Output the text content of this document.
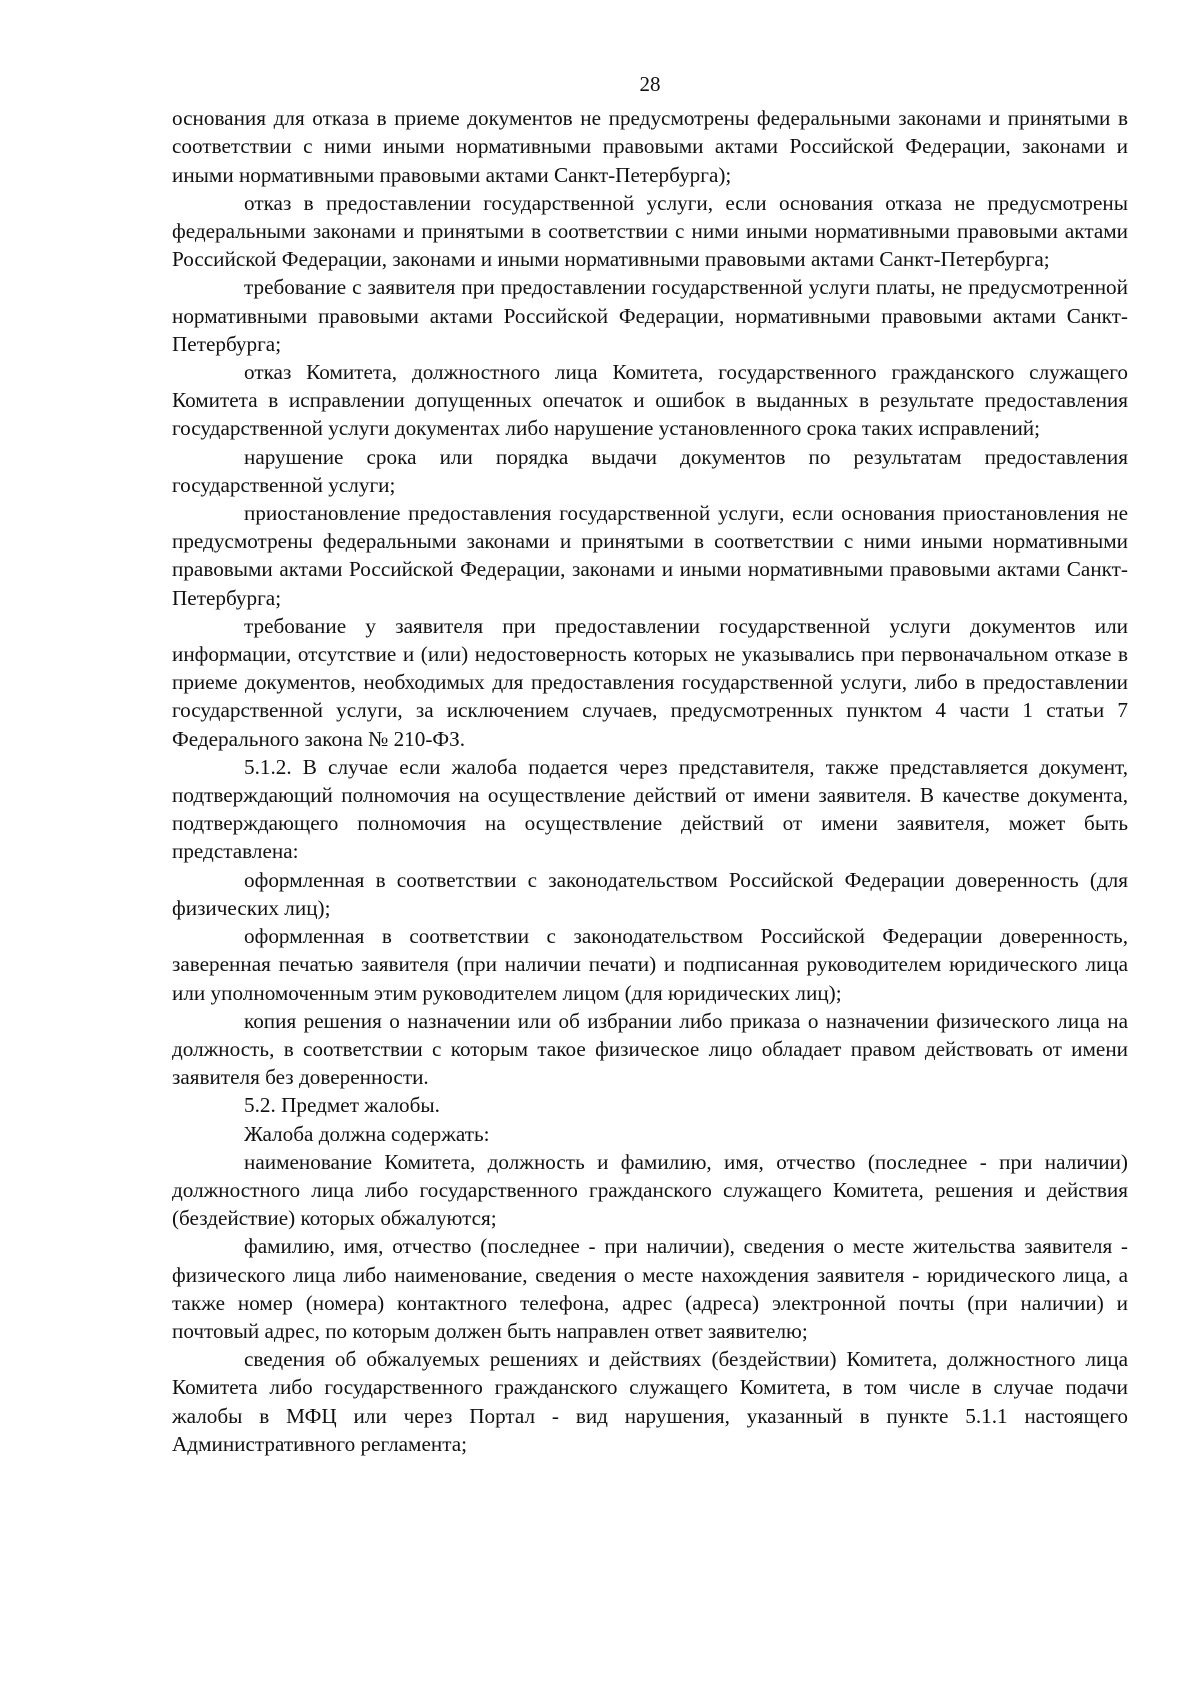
28

основания для отказа в приеме документов не предусмотрены федеральными законами и принятыми в соответствии с ними иными нормативными правовыми актами Российской Федерации, законами и иными нормативными правовыми актами Санкт-Петербурга);

отказ в предоставлении государственной услуги, если основания отказа не предусмотрены федеральными законами и принятыми в соответствии с ними иными нормативными правовыми актами Российской Федерации, законами и иными нормативными правовыми актами Санкт-Петербурга;

требование с заявителя при предоставлении государственной услуги платы, не предусмотренной нормативными правовыми актами Российской Федерации, нормативными правовыми актами Санкт-Петербурга;

отказ Комитета, должностного лица Комитета, государственного гражданского служащего Комитета в исправлении допущенных опечаток и ошибок в выданных в результате предоставления государственной услуги документах либо нарушение установленного срока таких исправлений;

нарушение срока или порядка выдачи документов по результатам предоставления государственной услуги;

приостановление предоставления государственной услуги, если основания приостановления не предусмотрены федеральными законами и принятыми в соответствии с ними иными нормативными правовыми актами Российской Федерации, законами и иными нормативными правовыми актами Санкт-Петербурга;

требование у заявителя при предоставлении государственной услуги документов или информации, отсутствие и (или) недостоверность которых не указывались при первоначальном отказе в приеме документов, необходимых для предоставления государственной услуги, либо в предоставлении государственной услуги, за исключением случаев, предусмотренных пунктом 4 части 1 статьи 7 Федерального закона № 210-ФЗ.

5.1.2. В случае если жалоба подается через представителя, также представляется документ, подтверждающий полномочия на осуществление действий от имени заявителя. В качестве документа, подтверждающего полномочия на осуществление действий от имени заявителя, может быть представлена:

оформленная в соответствии с законодательством Российской Федерации доверенность (для физических лиц);

оформленная в соответствии с законодательством Российской Федерации доверенность, заверенная печатью заявителя (при наличии печати) и подписанная руководителем юридического лица или уполномоченным этим руководителем лицом (для юридических лиц);

копия решения о назначении или об избрании либо приказа о назначении физического лица на должность, в соответствии с которым такое физическое лицо обладает правом действовать от имени заявителя без доверенности.

5.2. Предмет жалобы.

Жалоба должна содержать:

наименование Комитета, должность и фамилию, имя, отчество (последнее - при наличии) должностного лица либо государственного гражданского служащего Комитета, решения и действия (бездействие) которых обжалуются;

фамилию, имя, отчество (последнее - при наличии), сведения о месте жительства заявителя - физического лица либо наименование, сведения о месте нахождения заявителя - юридического лица, а также номер (номера) контактного телефона, адрес (адреса) электронной почты (при наличии) и почтовый адрес, по которым должен быть направлен ответ заявителю;

сведения об обжалуемых решениях и действиях (бездействии) Комитета, должностного лица Комитета либо государственного гражданского служащего Комитета, в том числе в случае подачи жалобы в МФЦ или через Портал - вид нарушения, указанный в пункте 5.1.1 настоящего Административного регламента;
